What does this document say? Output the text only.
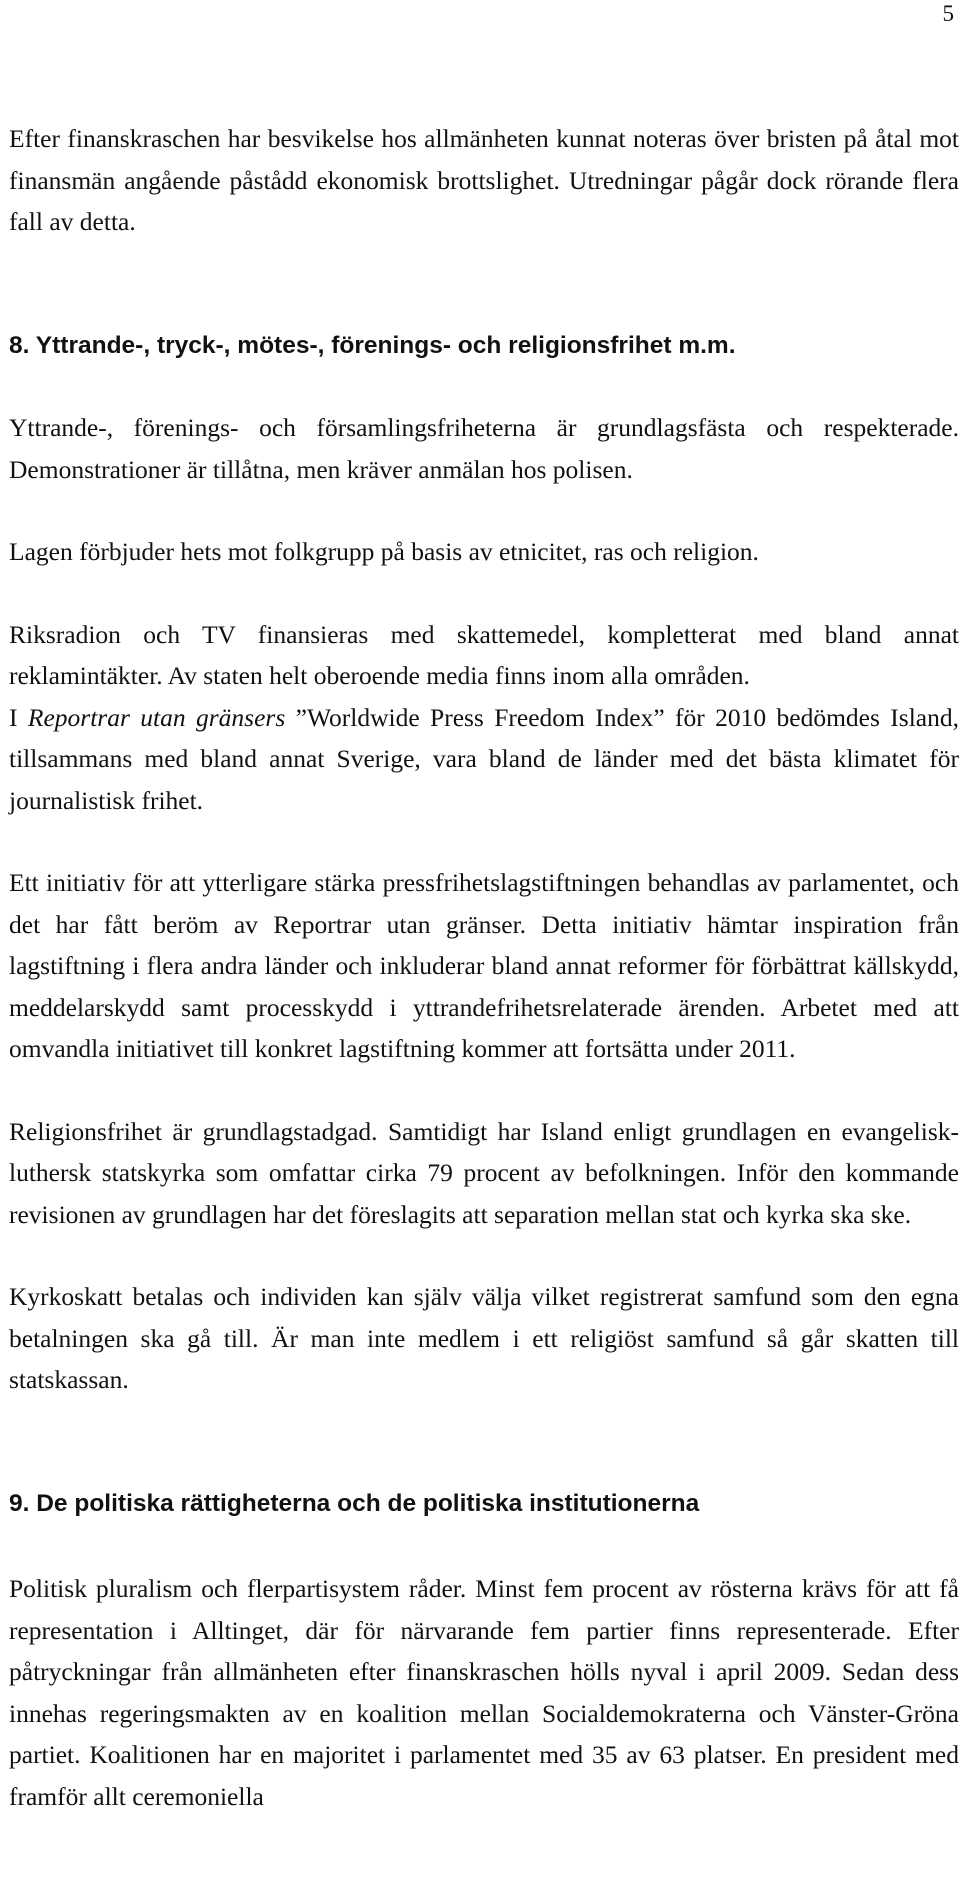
5

Efter finanskraschen har besvikelse hos allmänheten kunnat noteras över bristen på åtal mot finansmän angående påstådd ekonomisk brottslighet. Utredningar pågår dock rörande flera fall av detta.

8. Yttrande-, tryck-, mötes-, förenings- och religionsfrihet m.m.

Yttrande-, förenings- och församlingsfriheterna är grundlagsfästa och respekterade. Demonstrationer är tillåtna, men kräver anmälan hos polisen.

Lagen förbjuder hets mot folkgrupp på basis av etnicitet, ras och religion.

Riksradion och TV finansieras med skattemedel, kompletterat med bland annat reklamintäkter. Av staten helt oberoende media finns inom alla områden.

I Reportrar utan gränsers ”Worldwide Press Freedom Index” för 2010 bedömdes Island, tillsammans med bland annat Sverige, vara bland de länder med det bästa klimatet för journalistisk frihet.

Ett initiativ för att ytterligare stärka pressfrihetslagstiftningen behandlas av parlamentet, och det har fått beröm av Reportrar utan gränser. Detta initiativ hämtar inspiration från lagstiftning i flera andra länder och inkluderar bland annat reformer för förbättrat källskydd, meddelarskydd samt processkydd i yttrandefrihetsrelaterade ärenden. Arbetet med att omvandla initiativet till konkret lagstiftning kommer att fortsätta under 2011.

Religionsfrihet är grundlagstadgad. Samtidigt har Island enligt grundlagen en evangelisk-luthersk statskyrka som omfattar cirka 79 procent av befolkningen. Inför den kommande revisionen av grundlagen har det föreslagits att separation mellan stat och kyrka ska ske.

Kyrkoskatt betalas och individen kan själv välja vilket registrerat samfund som den egna betalningen ska gå till. Är man inte medlem i ett religiöst samfund så går skatten till statskassan.

9. De politiska rättigheterna och de politiska institutionerna

Politisk pluralism och flerpartisystem råder. Minst fem procent av rösterna krävs för att få representation i Alltinget, där för närvarande fem partier finns representerade. Efter påtryckningar från allmänheten efter finanskraschen hölls nyval i april 2009. Sedan dess innehas regeringsmakten av en koalition mellan Socialdemokraterna och Vänster-Gröna partiet. Koalitionen har en majoritet i parlamentet med 35 av 63 platser. En president med framför allt ceremoniella
